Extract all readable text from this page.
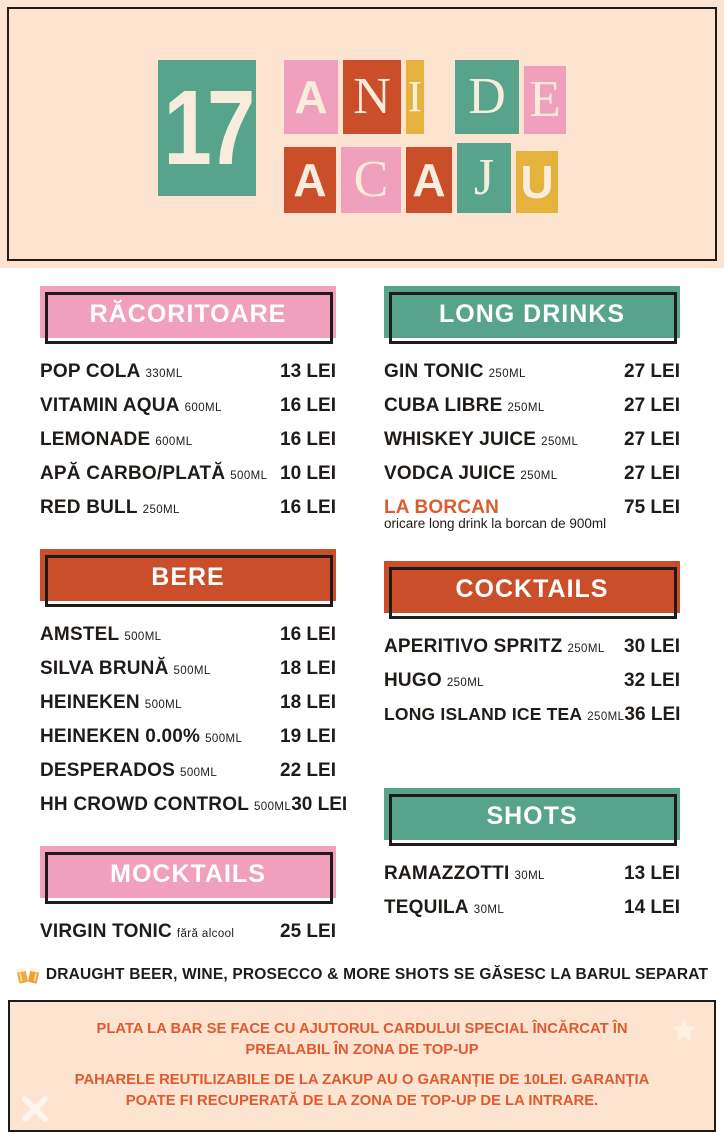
17 A N I D E
A C A J U
RĂCORITOARE
POP COLA 330ML	13 LEI
VITAMIN AQUA 600ML	16 LEI
LEMONADE 600ML	16 LEI
APĂ CARBO/PLATĂ 500ML 10 LEI
RED BULL 250ML	16 LEI
BERE
AMSTEL 500ML	16 LEI
SILVA BRUNĂ 500ML	18 LEI
HEINEKEN 500ML	18 LEI
HEINEKEN 0.00% 500ML 19 LEI
DESPERADOS 500ML	22 LEI
HH CROWD CONTROL 500ML 30 LEI
MOCKTAILS
VIRGIN TONIC fără alcool 25 LEI
LONG DRINKS
GIN TONIC 250ML	27 LEI
CUBA LIBRE 250ML	27 LEI
WHISKEY JUICE 250ML 27 LEI
VODCA JUICE 250ML	27 LEI
LA BORCAN	75 LEI
oricare long drink la borcan de 900ml
COCKTAILS
APERITIVO SPRITZ 250ML 30 LEI
HUGO 250ML	32 LEI
LONG ISLAND ICE TEA 250ML 36 LEI
SHOTS
RAMAZZOTTI 30ML	13 LEI
TEQUILA 30ML	14 LEI
DRAUGHT BEER, WINE, PROSECCO & MORE SHOTS SE GĂSESC LA BARUL SEPARAT

PLATA LA BAR SE FACE CU AJUTORUL CARDULUI SPECIAL ÎNCĂRCAT ÎN PREALABIL ÎN ZONA DE TOP-UP

PAHARELE REUTILIZABILE DE LA ZAKUP AU O GARANȚIE DE 10LEI. GARANȚIA POATE FI RECUPERATĂ DE LA ZONA DE TOP-UP DE LA INTRARE.
